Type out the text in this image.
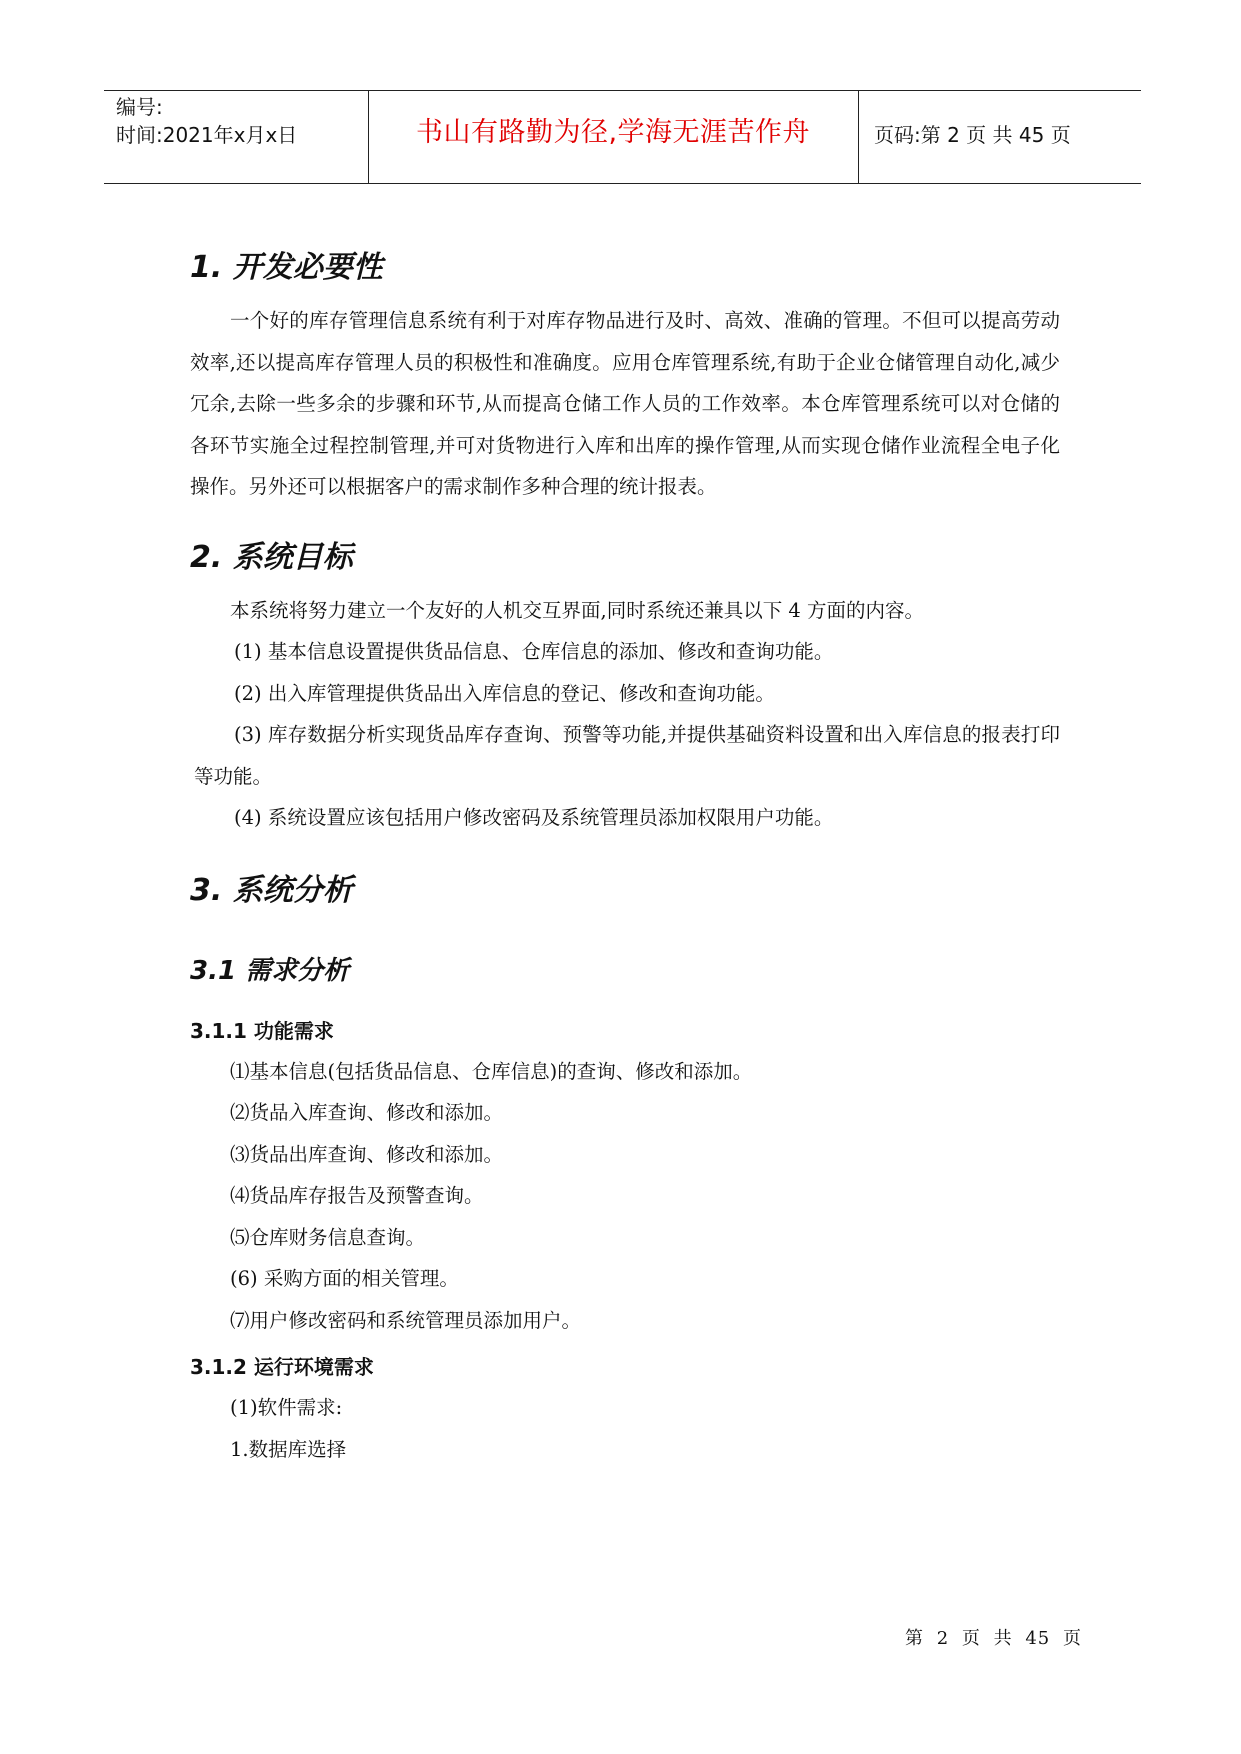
编号:
时间:2021年x月x日	书山有路勤为径,学海无涯苦作舟	页码:第 2 页 共 45 页
1. 开发必要性

一个好的库存管理信息系统有利于对库存物品进行及时、高效、准确的管理。不但可以提高劳动效率,还以提高库存管理人员的积极性和准确度。应用仓库管理系统,有助于企业仓储管理自动化,减少冗余,去除一些多余的步骤和环节,从而提高仓储工作人员的工作效率。本仓库管理系统可以对仓储的各环节实施全过程控制管理,并可对货物进行入库和出库的操作管理,从而实现仓储作业流程全电子化操作。另外还可以根据客户的需求制作多种合理的统计报表。

2. 系统目标

本系统将努力建立一个友好的人机交互界面,同时系统还兼具以下 4 方面的内容。

(1) 基本信息设置提供货品信息、仓库信息的添加、修改和查询功能。

(2) 出入库管理提供货品出入库信息的登记、修改和查询功能。

(3) 库存数据分析实现货品库存查询、预警等功能,并提供基础资料设置和出入库信息的报表打印等功能。

(4) 系统设置应该包括用户修改密码及系统管理员添加权限用户功能。

3. 系统分析
3.1 需求分析
3.1.1 功能需求

⑴基本信息(包括货品信息、仓库信息)的查询、修改和添加。

⑵货品入库查询、修改和添加。

⑶货品出库查询、修改和添加。

⑷货品库存报告及预警查询。

⑸仓库财务信息查询。

(6) 采购方面的相关管理。

⑺用户修改密码和系统管理员添加用户。

3.1.2 运行环境需求

(1)软件需求:

1.数据库选择

第 2 页 共 45 页
